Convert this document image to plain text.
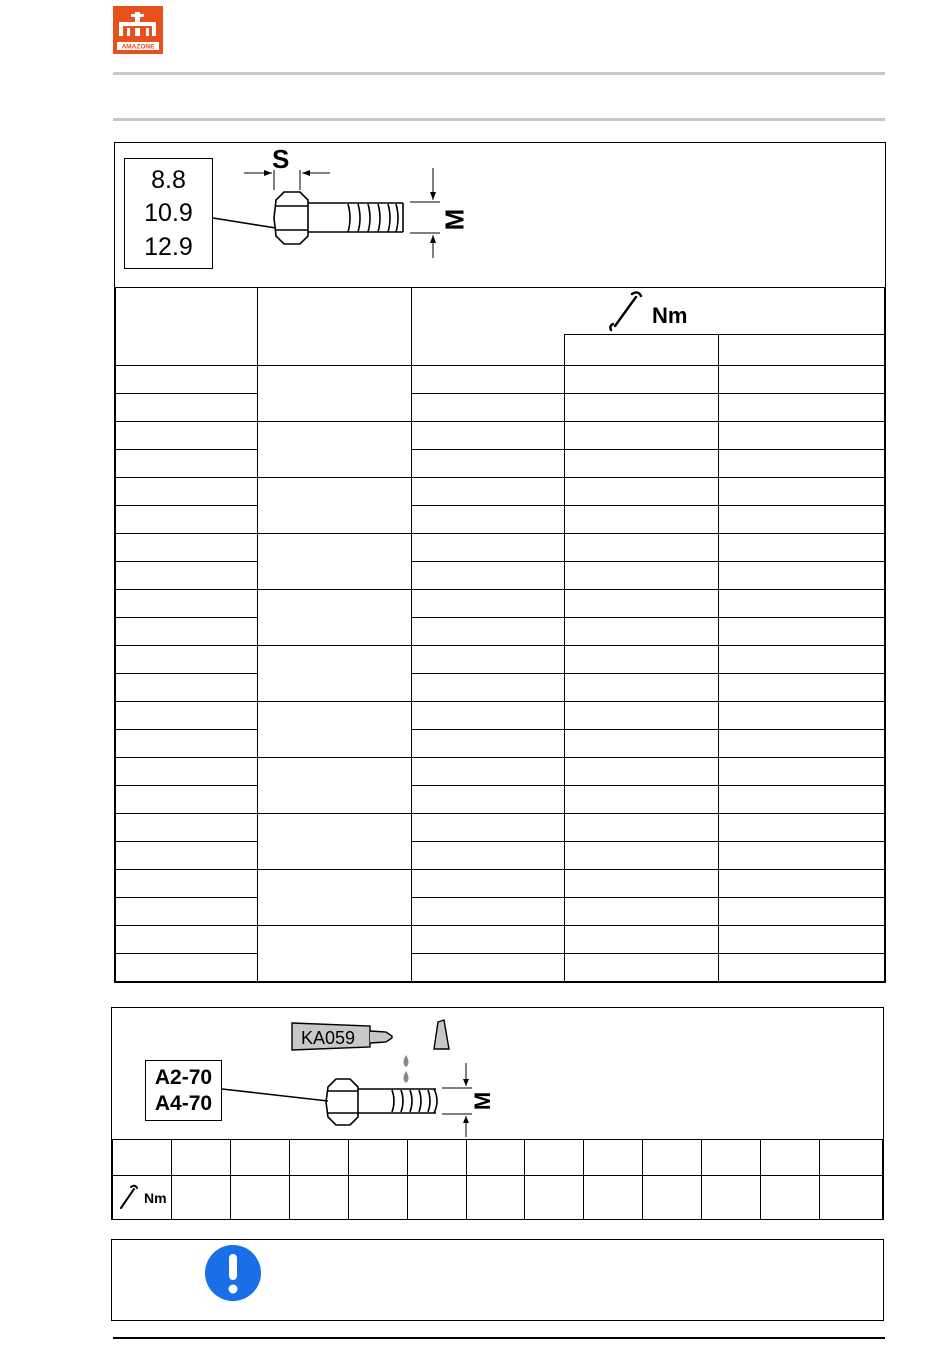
AMAZONE
8.8
10.9
12.9
S
M
Nm

A2-70
A4-70
KA059
M

Nm												
